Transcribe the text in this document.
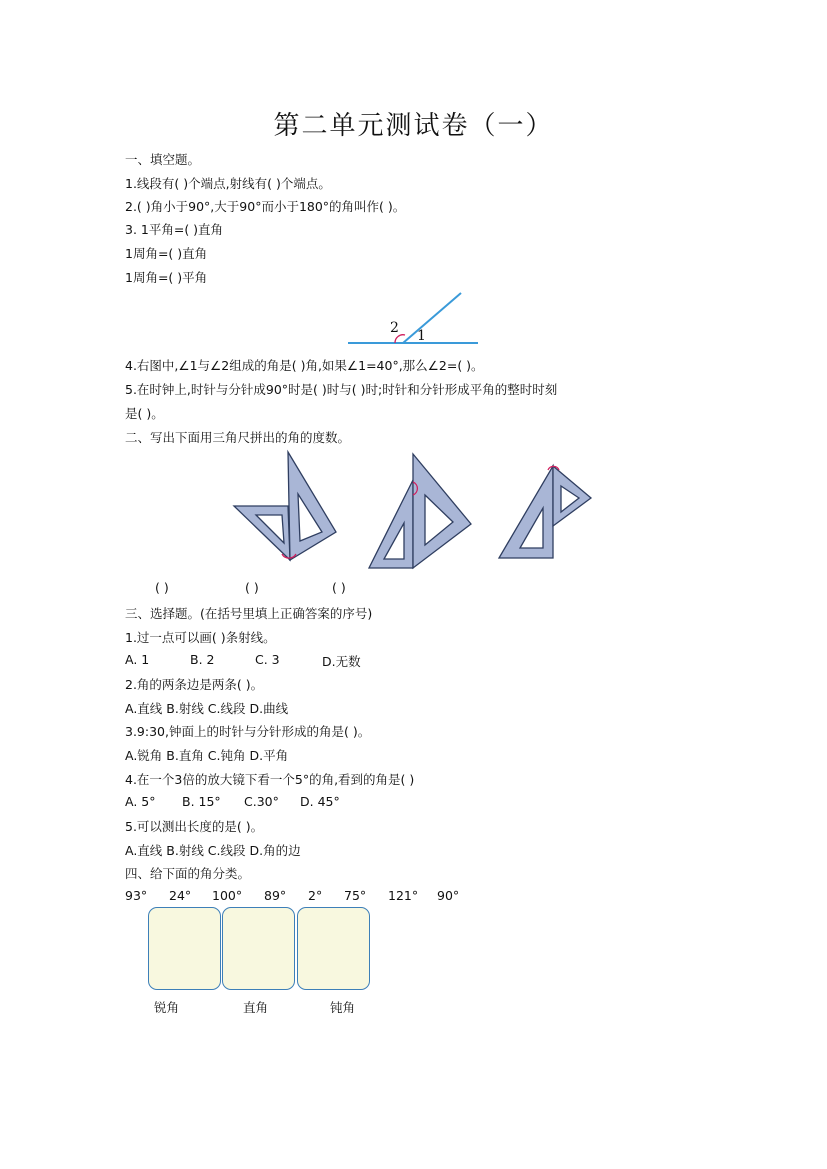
第二单元测试卷（一）
一、填空题。
1.线段有( )个端点,射线有( )个端点。
2.( )角小于90°,大于90°而小于180°的角叫作( )。
3. 1平角=( )直角
1周角=( )直角
1周角=( )平角
2 1
4.右图中,∠1与∠2组成的角是( )角,如果∠1=40°,那么∠2=( )。
5.在时钟上,时针与分针成90°时是( )时与( )时;时针和分针形成平角的整时时刻
是( )。
二、写出下面用三角尺拼出的角的度数。
( )	( )	( )
三、选择题。(在括号里填上正确答案的序号)
1.过一点可以画( )条射线。
A. 1	B. 2	C. 3	D.无数
2.角的两条边是两条( )。
A.直线 B.射线 C.线段 D.曲线
3.9:30,钟面上的时针与分针形成的角是( )。
A.锐角 B.直角 C.钝角 D.平角
4.在一个3倍的放大镜下看一个5°的角,看到的角是( )
A. 5° B. 15° C.30° D. 45°
5.可以测出长度的是( )。
A.直线 B.射线 C.线段 D.角的边
四、给下面的角分类。
93° 24° 100° 89° 2° 75° 121° 90°
锐角	直角	钝角
